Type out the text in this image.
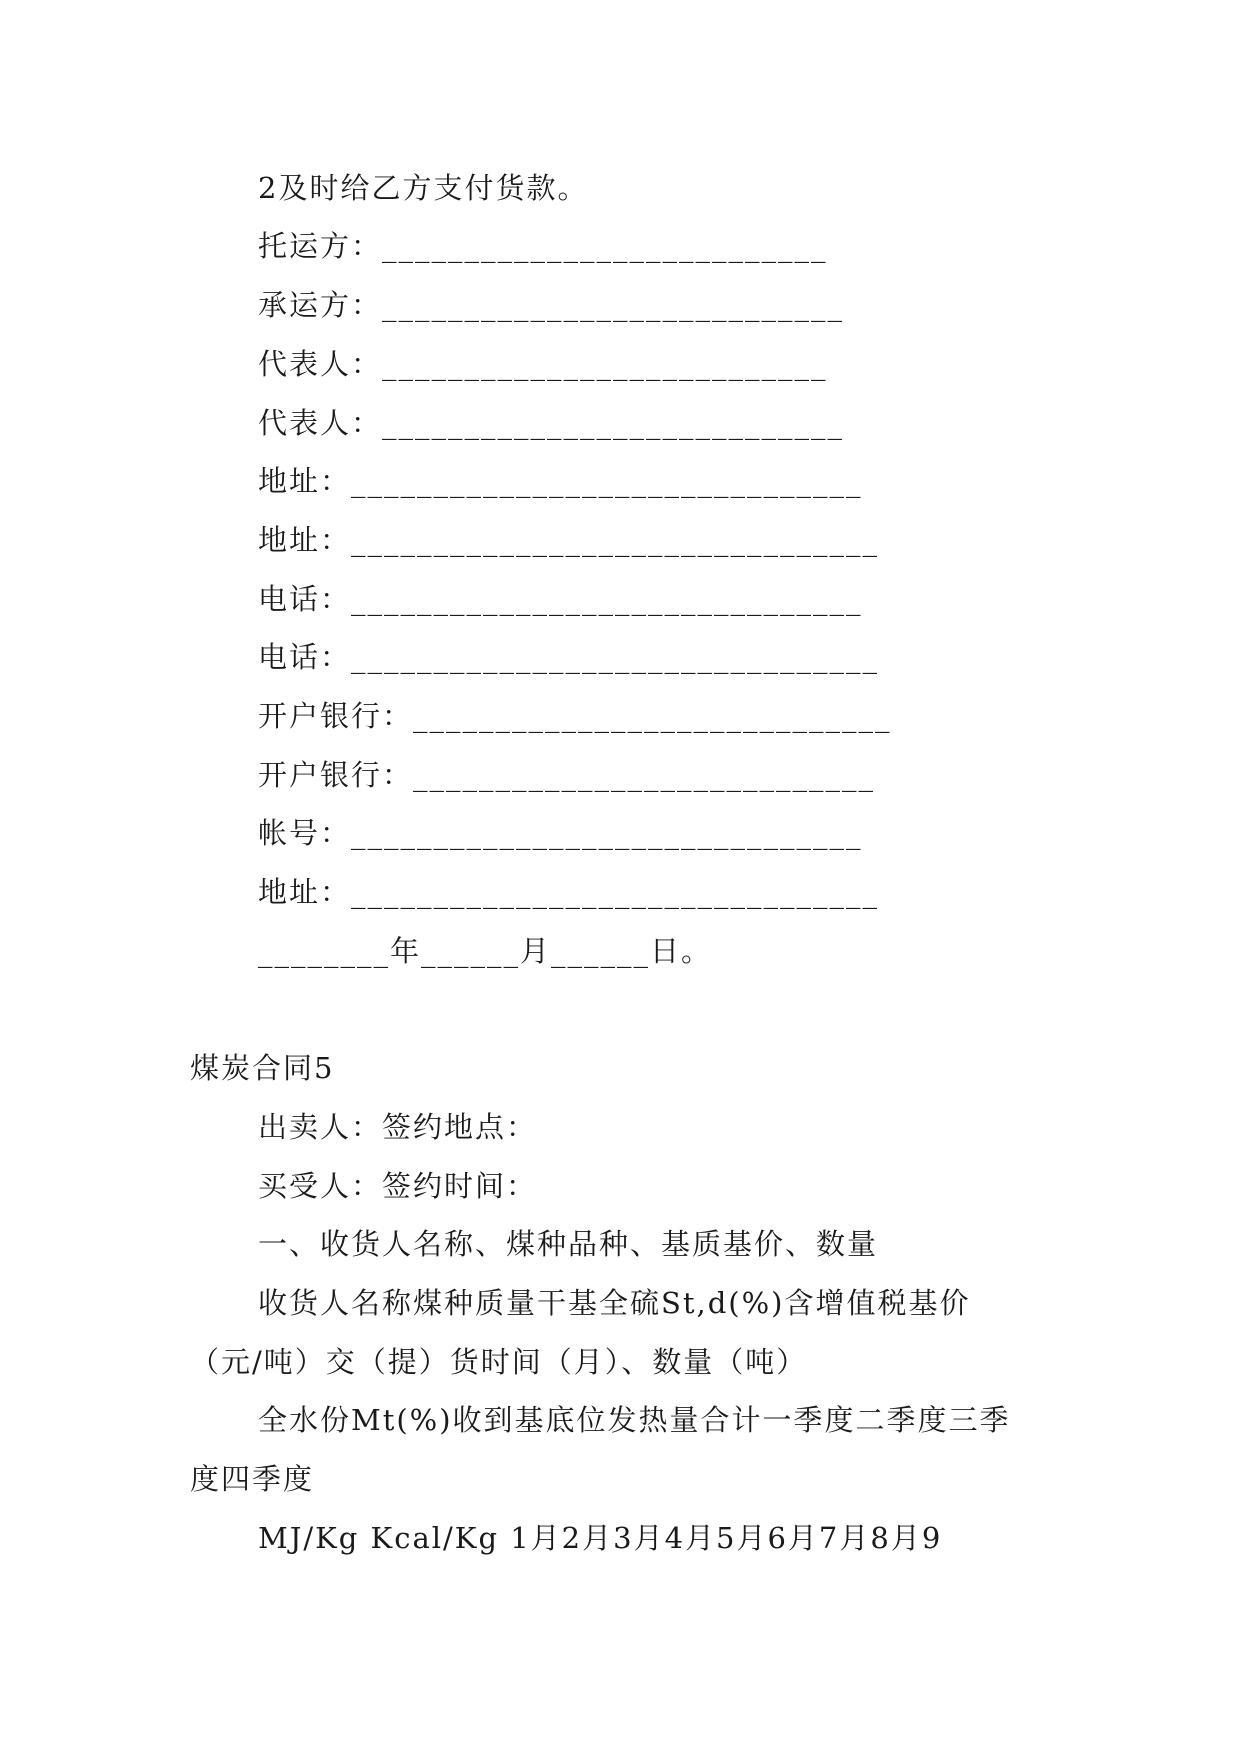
2及时给乙方支付货款。
托运方：___________________________
承运方：____________________________
代表人：___________________________
代表人：____________________________
地址：_______________________________
地址：________________________________
电话：_______________________________
电话：________________________________
开户银行：_____________________________
开户银行：____________________________
帐号：_______________________________
地址：________________________________
________年______月______日。
煤炭合同5
出卖人：签约地点：
买受人：签约时间：
一、收货人名称、煤种品种、基质基价、数量
收货人名称煤种质量干基全硫St,d(%)含增值税基价
（元/吨）交（提）货时间（月）、数量（吨）
全水份Mt(%)收到基底位发热量合计一季度二季度三季
度四季度
MJ/Kg Kcal/Kg 1月2月3月4月5月6月7月8月9
